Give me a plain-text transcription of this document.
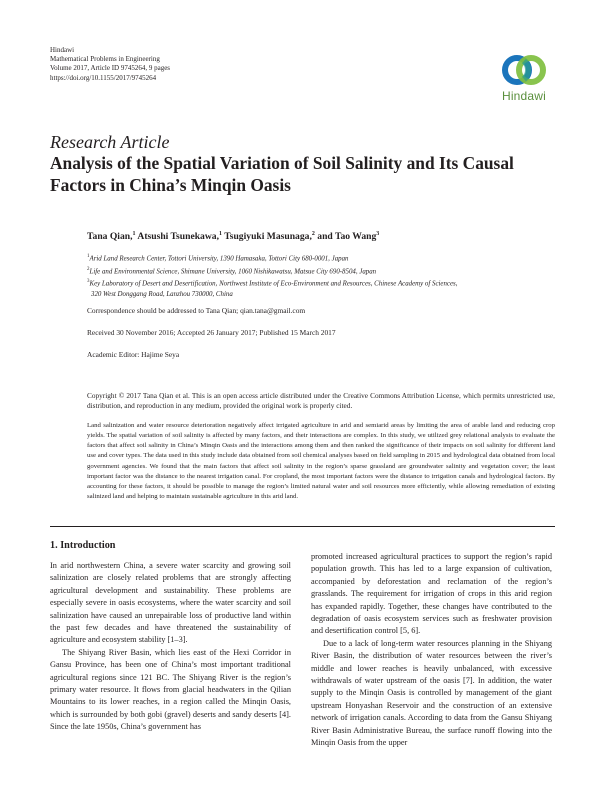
Hindawi
Mathematical Problems in Engineering
Volume 2017, Article ID 9745264, 9 pages
https://doi.org/10.1155/2017/9745264
Hindawi
Research Article
Analysis of the Spatial Variation of Soil Salinity and Its Causal Factors in China’s Minqin Oasis
Tana Qian,$^1$ Atsushi Tsunekawa,$^1$ Tsugiyuki Masunaga,$^2$ and Tao Wang$^3$
$^1$Arid Land Research Center, Tottori University, 1390 Hamasaka, Tottori City 680-0001, Japan
$^2$Life and Environmental Science, Shimane University, 1060 Nishikawatsu, Matsue City 690-8504, Japan
$^3$Key Laboratory of Desert and Desertification, Northwest Institute of Eco-Environment and Resources, Chinese Academy of Sciences,
320 West Donggang Road, Lanzhou 730000, China
Correspondence should be addressed to Tana Qian; qian.tana@gmail.com
Received 30 November 2016; Accepted 26 January 2017; Published 15 March 2017
Academic Editor: Hajime Seya
Copyright © 2017 Tana Qian et al. This is an open access article distributed under the Creative Commons Attribution License, which permits unrestricted use, distribution, and reproduction in any medium, provided the original work is properly cited.
Land salinization and water resource deterioration negatively affect irrigated agriculture in arid and semiarid areas by limiting the area of arable land and reducing crop yields. The spatial variation of soil salinity is affected by many factors, and their interactions are complex. In this study, we utilized grey relational analysis to evaluate the factors that affect soil salinity in China’s Minqin Oasis and the interactions among them and then ranked the significance of their impacts on soil salinity for different land use and cover types. The data used in this study include data obtained from soil chemical analyses based on field sampling in 2015 and hydrological data obtained from local government agencies. We found that the main factors that affect soil salinity in the region’s sparse grassland are groundwater salinity and vegetation cover; the least important factor was the distance to the nearest irrigation canal. For cropland, the most important factors were the distance to irrigation canals and hydrological factors. By accounting for these factors, it should be possible to manage the region’s limited natural water and soil resources more efficiently, while allowing remediation of existing salinized land and helping to maintain sustainable agriculture in this arid land.
1. Introduction

In arid northwestern China, a severe water scarcity and growing soil salinization are closely related problems that are strongly affecting agricultural development and sustainability. These problems are especially severe in oasis ecosystems, where the water scarcity and soil salinization have caused an unrepairable loss of productive land within the past few decades and have threatened the sustainability of agriculture and ecosystem stability [1–3].

The Shiyang River Basin, which lies east of the Hexi Corridor in Gansu Province, has been one of China’s most important traditional agricultural regions since 121 BC. The Shiyang River is the region’s primary water resource. It flows from glacial headwaters in the Qilian Mountains to its lower reaches, in a region called the Minqin Oasis, which is surrounded by both gobi (gravel) deserts and sandy deserts [4]. Since the late 1950s, China’s government has

promoted increased agricultural practices to support the region’s rapid population growth. This has led to a large expansion of cultivation, accompanied by deforestation and reclamation of the region’s grasslands. The requirement for irrigation of crops in this arid region has expanded rapidly. Together, these changes have contributed to the degradation of oasis ecosystem services such as freshwater provision and desertification control [5, 6].

Due to a lack of long-term water resources planning in the Shiyang River Basin, the distribution of water resources between the river’s middle and lower reaches is heavily unbalanced, with excessive withdrawals of water upstream of the oasis [7]. In addition, the water supply to the Minqin Oasis is controlled by management of the giant upstream Honyashan Reservoir and the construction of an extensive network of irrigation canals. According to data from the Gansu Shiyang River Basin Administrative Bureau, the surface runoff flowing into the Minqin Oasis from the upper
